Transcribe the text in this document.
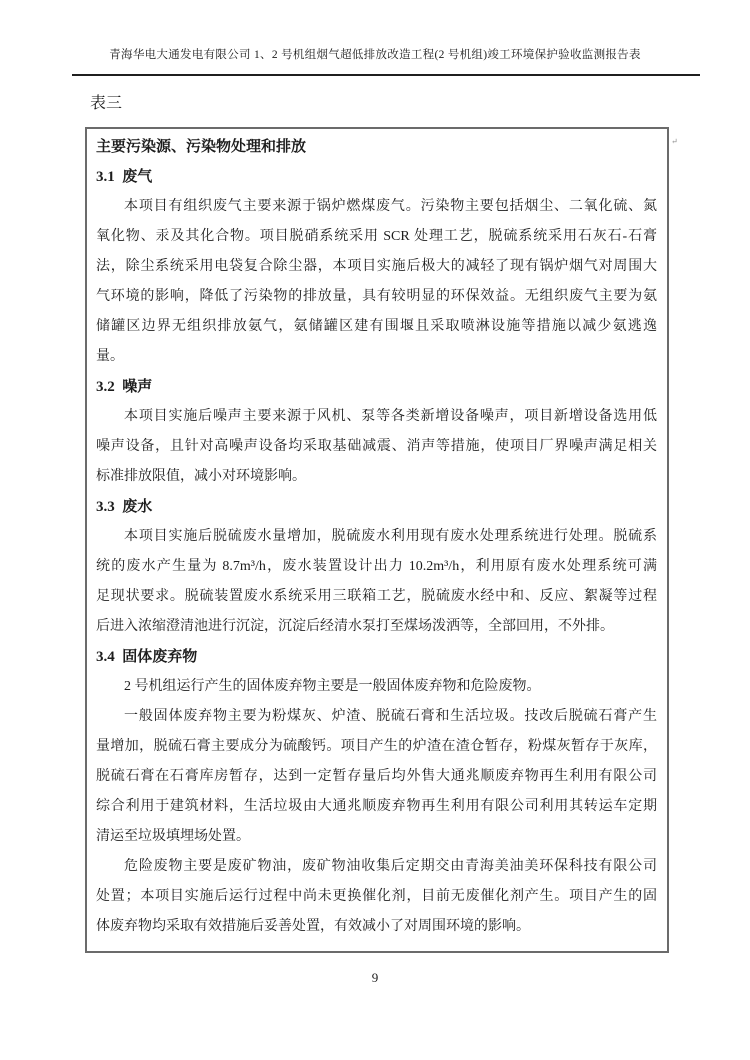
青海华电大通发电有限公司 1、2 号机组烟气超低排放改造工程(2 号机组)竣工环境保护验收监测报告表
表三
↵
主要污染源、污染物处理和排放
3.1  废气
本项目有组织废气主要来源于锅炉燃煤废气。污染物主要包括烟尘、二氧化硫、氮
氧化物、汞及其化合物。项目脱硝系统采用 SCR 处理工艺，脱硫系统采用石灰石-石膏
法，除尘系统采用电袋复合除尘器，本项目实施后极大的减轻了现有锅炉烟气对周围大
气环境的影响，降低了污染物的排放量，具有较明显的环保效益。无组织废气主要为氨
储罐区边界无组织排放氨气，氨储罐区建有围堰且采取喷淋设施等措施以减少氨逃逸
量。
3.2  噪声
本项目实施后噪声主要来源于风机、泵等各类新增设备噪声，项目新增设备选用低
噪声设备，且针对高噪声设备均采取基础减震、消声等措施，使项目厂界噪声满足相关
标准排放限值，减小对环境影响。
3.3  废水
本项目实施后脱硫废水量增加，脱硫废水利用现有废水处理系统进行处理。脱硫系
统的废水产生量为 8.7m³/h，废水装置设计出力 10.2m³/h，利用原有废水处理系统可满
足现状要求。脱硫装置废水系统采用三联箱工艺，脱硫废水经中和、反应、絮凝等过程
后进入浓缩澄清池进行沉淀，沉淀后经清水泵打至煤场泼洒等，全部回用，不外排。
3.4  固体废弃物
2 号机组运行产生的固体废弃物主要是一般固体废弃物和危险废物。
一般固体废弃物主要为粉煤灰、炉渣、脱硫石膏和生活垃圾。技改后脱硫石膏产生
量增加，脱硫石膏主要成分为硫酸钙。项目产生的炉渣在渣仓暂存，粉煤灰暂存于灰库，
脱硫石膏在石膏库房暂存，达到一定暂存量后均外售大通兆顺废弃物再生利用有限公司
综合利用于建筑材料，生活垃圾由大通兆顺废弃物再生利用有限公司利用其转运车定期
清运至垃圾填埋场处置。
危险废物主要是废矿物油，废矿物油收集后定期交由青海美油美环保科技有限公司
处置；本项目实施后运行过程中尚未更换催化剂，目前无废催化剂产生。项目产生的固
体废弃物均采取有效措施后妥善处置，有效减小了对周围环境的影响。
9
